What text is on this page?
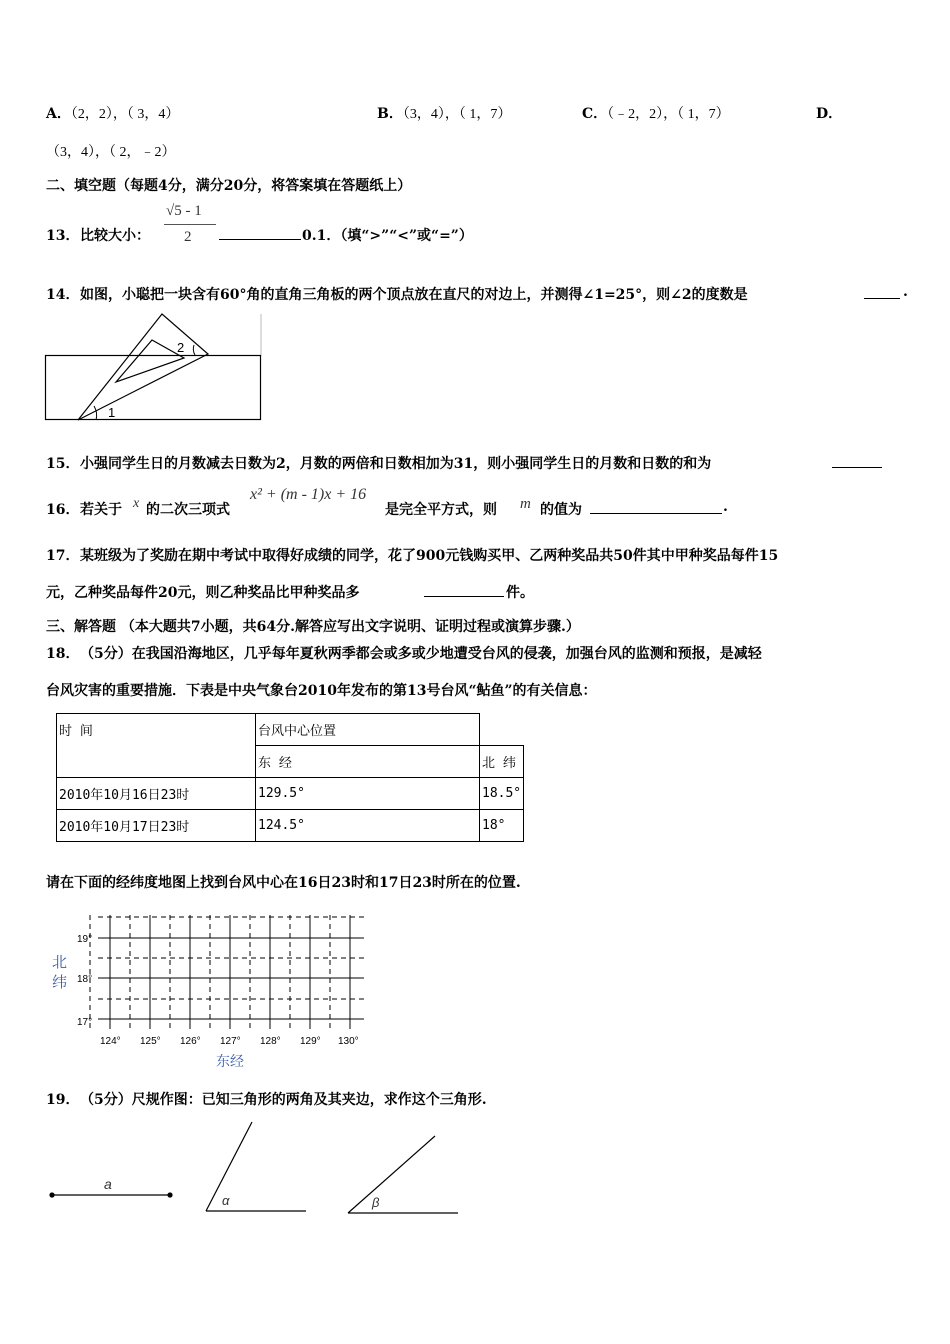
A．（2，2），（ 3，4）	B．（3，4），（ 1，7）	C．（﹣2，2），（ 1，7）	D．
（3，4），（ 2，﹣2）
二、填空题（每题4分，满分20分，将答案填在答题纸上）
13． 比较大小：
√5 - 1
2	0.1．（填“>”“<”或“=”）
14． 如图，小聪把一块含有60°角的直角三角板的两个顶点放在直尺的对边上，并测得∠1=25°，则∠2的度数是	.
1
2
15． 小强同学生日的月数减去日数为2，月数的两倍和日数相加为31，则小强同学生日的月数和日数的和为
16． 若关于 x 的二次三项式
x² + (m - 1)x + 16
是完全平方式，则 m 的值为	.
17． 某班级为了奖励在期中考试中取得好成绩的同学，花了900元钱购买甲、乙两种奖品共50件其中甲种奖品每件15
元，乙种奖品每件20元，则乙种奖品比甲种奖品多	件。
三、解答题 （本大题共7小题，共64分.解答应写出文字说明、证明过程或演算步骤.）
18． （5分）在我国沿海地区，几乎每年夏秋两季都会或多或少地遭受台风的侵袭，加强台风的监测和预报，是减轻
台风灾害的重要措施．下表是中央气象台2010年发布的第13号台风“鲇鱼”的有关信息：
时 间	台风中心位置	
	东 经	北 纬
2010年10月16日23时	129.5°	18.5°
2010年10月17日23时	124.5°	18°
请在下面的经纬度地图上找到台风中心在16日23时和17日23时所在的位置.
北
纬
19°
18°
17°
124° 125° 126° 127° 128° 129° 130°
东经
19． （5分）尺规作图：已知三角形的两角及其夹边，求作这个三角形.
a
α	β
